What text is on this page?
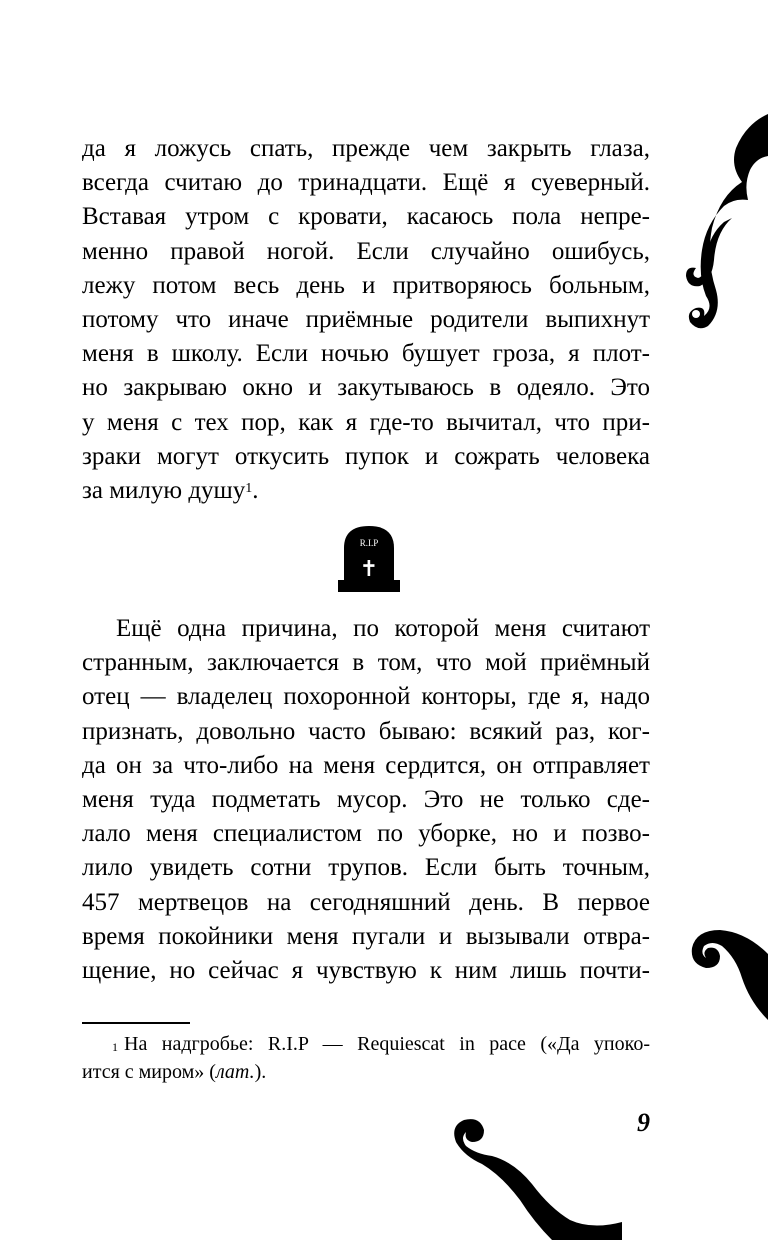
да я ложусь спать, прежде чем закрыть глаза,
всегда считаю до тринадцати. Ещё я суеверный.
Вставая утром с кровати, касаюсь пола непре-
менно правой ногой. Если случайно ошибусь,
лежу потом весь день и притворяюсь больным,
потому что иначе приёмные родители выпихнут
меня в школу. Если ночью бушует гроза, я плот-
но закрываю окно и закутываюсь в одеяло. Это
у меня с тех пор, как я где-то вычитал, что при-
зраки могут откусить пупок и сожрать человека
за милую душу$^1$.
R.I.P
✝
Ещё одна причина, по которой меня считают
странным, заключается в том, что мой приёмный
отец — владелец похоронной конторы, где я, надо
признать, довольно часто бываю: всякий раз, ког-
да он за что-либо на меня сердится, он отправляет
меня туда подметать мусор. Это не только сде-
лало меня специалистом по уборке, но и позво-
лило увидеть сотни трупов. Если быть точным,
457 мертвецов на сегодняшний день. В первое
время покойники меня пугали и вызывали отвра-
щение, но сейчас я чувствую к ним лишь почти-
$^1$ На надгробье: R.I.P — Requiescat in pace («Да упоко-
ится с миром» (лат.).
9
